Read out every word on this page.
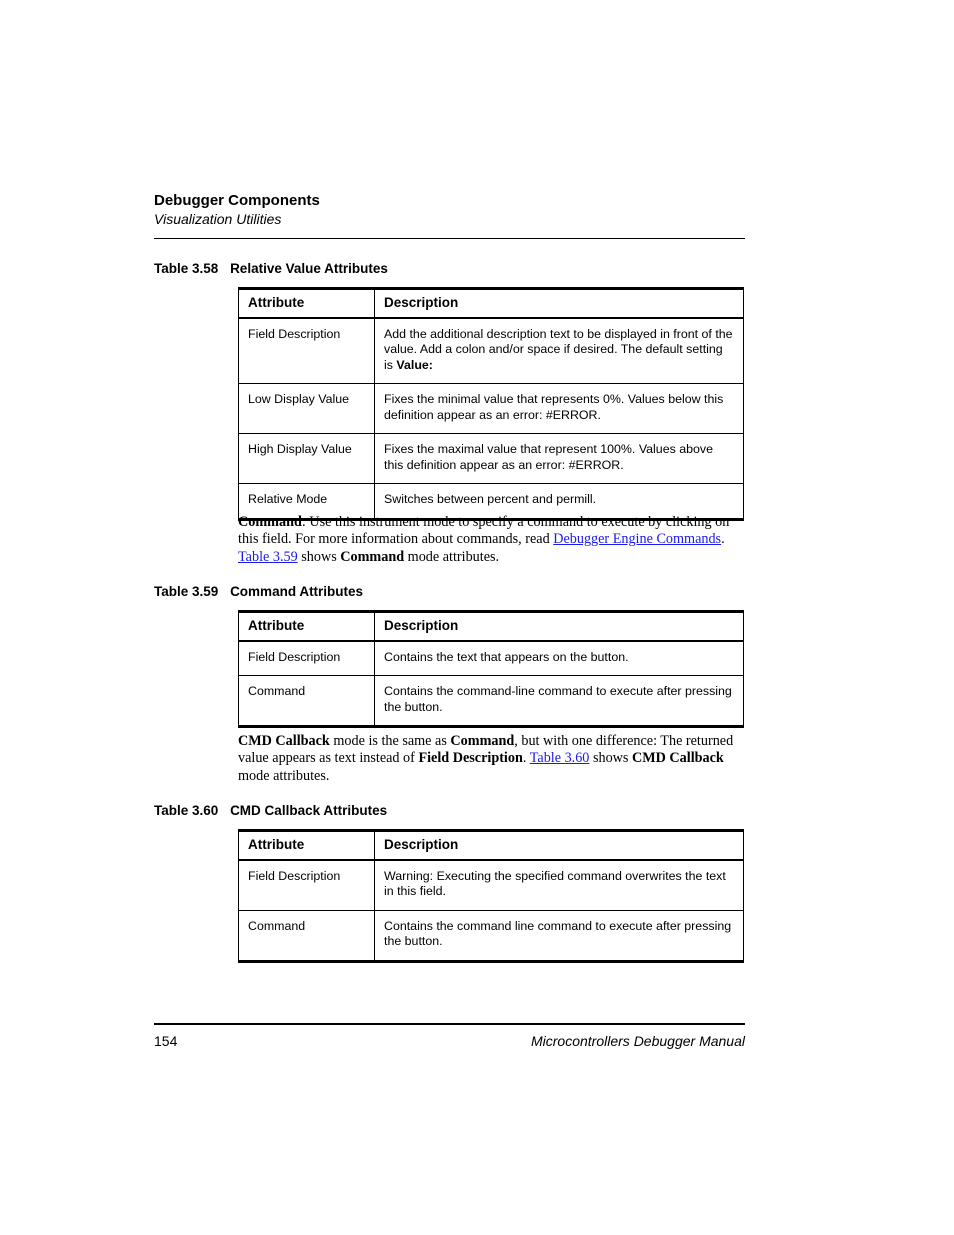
Debugger Components
Visualization Utilities
Table 3.58 Relative Value Attributes
Attribute	Description
Field Description	Add the additional description text to be displayed in front of the value. Add a colon and/or space if desired. The default setting is Value:
Low Display Value	Fixes the minimal value that represents 0%. Values below this definition appear as an error: #ERROR.
High Display Value	Fixes the maximal value that represent 100%. Values above this definition appear as an error: #ERROR.
Relative Mode	Switches between percent and permill.
Command: Use this instrument mode to specify a command to execute by clicking on this field. For more information about commands, read Debugger Engine Commands. Table 3.59 shows Command mode attributes.
Table 3.59 Command Attributes
Attribute	Description
Field Description	Contains the text that appears on the button.
Command	Contains the command-line command to execute after pressing the button.
CMD Callback mode is the same as Command, but with one difference: The returned value appears as text instead of Field Description. Table 3.60 shows CMD Callback mode attributes.
Table 3.60 CMD Callback Attributes
Attribute	Description
Field Description	Warning: Executing the specified command overwrites the text in this field.
Command	Contains the command line command to execute after pressing the button.
154	Microcontrollers Debugger Manual
